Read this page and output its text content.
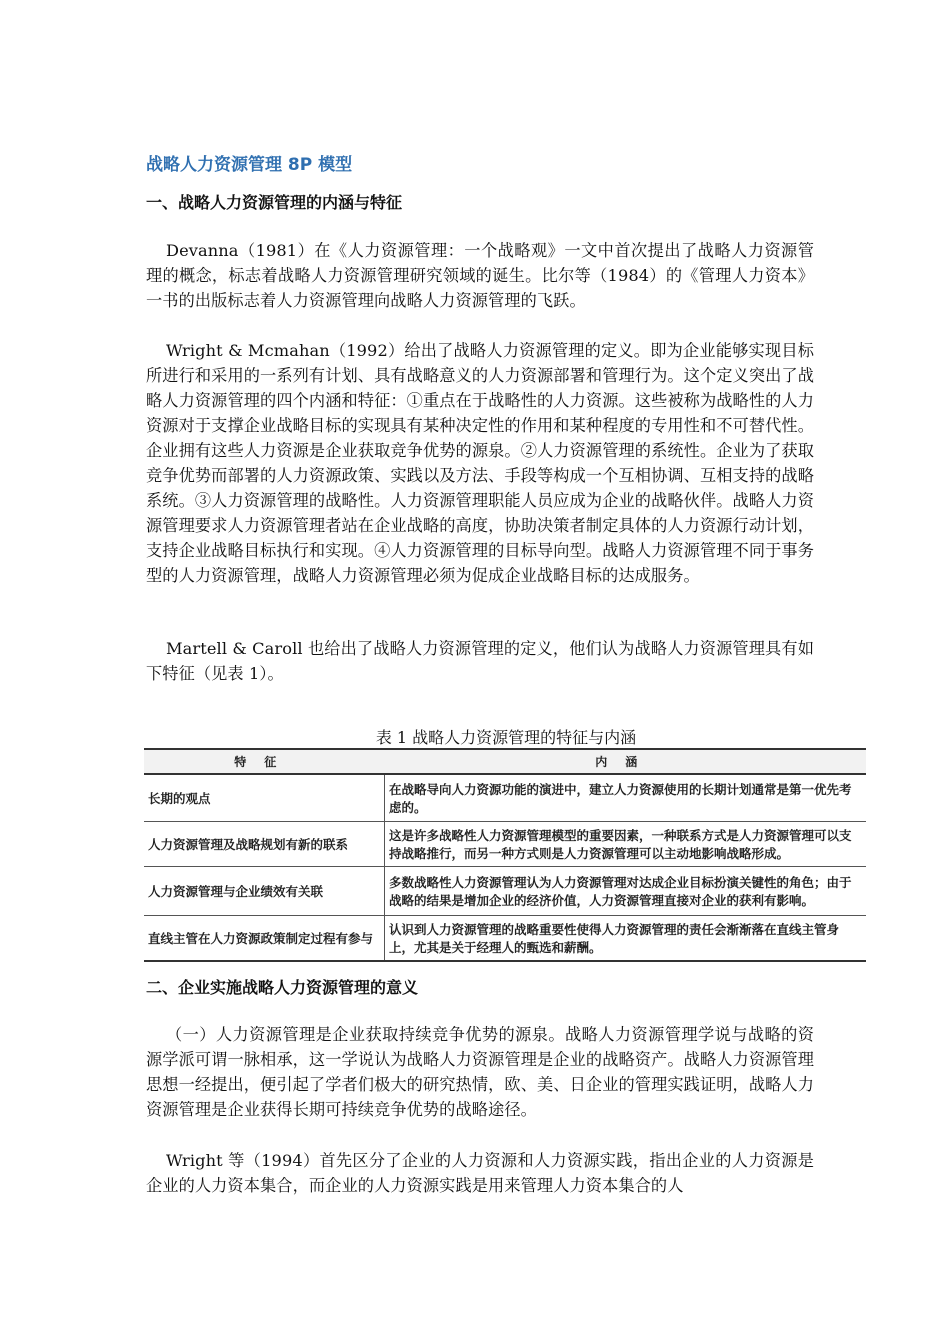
战略人力资源管理 8P 模型
一、战略人力资源管理的内涵与特征

Devanna（1981）在《人力资源管理：一个战略观》一文中首次提出了战略人力资源管理的概念，标志着战略人力资源管理研究领域的诞生。比尔等（1984）的《管理人力资本》一书的出版标志着人力资源管理向战略人力资源管理的飞跃。

Wright & Mcmahan（1992）给出了战略人力资源管理的定义。即为企业能够实现目标所进行和采用的一系列有计划、具有战略意义的人力资源部署和管理行为。这个定义突出了战略人力资源管理的四个内涵和特征：①重点在于战略性的人力资源。这些被称为战略性的人力资源对于支撑企业战略目标的实现具有某种决定性的作用和某种程度的专用性和不可替代性。企业拥有这些人力资源是企业获取竞争优势的源泉。②人力资源管理的系统性。企业为了获取竞争优势而部署的人力资源政策、实践以及方法、手段等构成一个互相协调、互相支持的战略系统。③人力资源管理的战略性。人力资源管理职能人员应成为企业的战略伙伴。战略人力资源管理要求人力资源管理者站在企业战略的高度，协助决策者制定具体的人力资源行动计划，支持企业战略目标执行和实现。④人力资源管理的目标导向型。战略人力资源管理不同于事务型的人力资源管理，战略人力资源管理必须为促成企业战略目标的达成服务。

Martell & Caroll 也给出了战略人力资源管理的定义，他们认为战略人力资源管理具有如下特征（见表 1）。

表 1 战略人力资源管理的特征与内涵
特征	内涵
长期的观点	在战略导向人力资源功能的演进中，建立人力资源使用的长期计划通常是第一优先考虑的。
人力资源管理及战略规划有新的联系	这是许多战略性人力资源管理模型的重要因素，一种联系方式是人力资源管理可以支持战略推行，而另一种方式则是人力资源管理可以主动地影响战略形成。
人力资源管理与企业绩效有关联	多数战略性人力资源管理认为人力资源管理对达成企业目标扮演关键性的角色；由于战略的结果是增加企业的经济价值，人力资源管理直接对企业的获利有影响。
直线主管在人力资源政策制定过程有参与	认识到人力资源管理的战略重要性使得人力资源管理的责任会渐渐落在直线主管身上，尤其是关于经理人的甄选和薪酬。
二、企业实施战略人力资源管理的意义

（一）人力资源管理是企业获取持续竞争优势的源泉。战略人力资源管理学说与战略的资源学派可谓一脉相承，这一学说认为战略人力资源管理是企业的战略资产。战略人力资源管理思想一经提出，便引起了学者们极大的研究热情，欧、美、日企业的管理实践证明，战略人力资源管理是企业获得长期可持续竞争优势的战略途径。

Wright 等（1994）首先区分了企业的人力资源和人力资源实践，指出企业的人力资源是企业的人力资本集合，而企业的人力资源实践是用来管理人力资本集合的人
